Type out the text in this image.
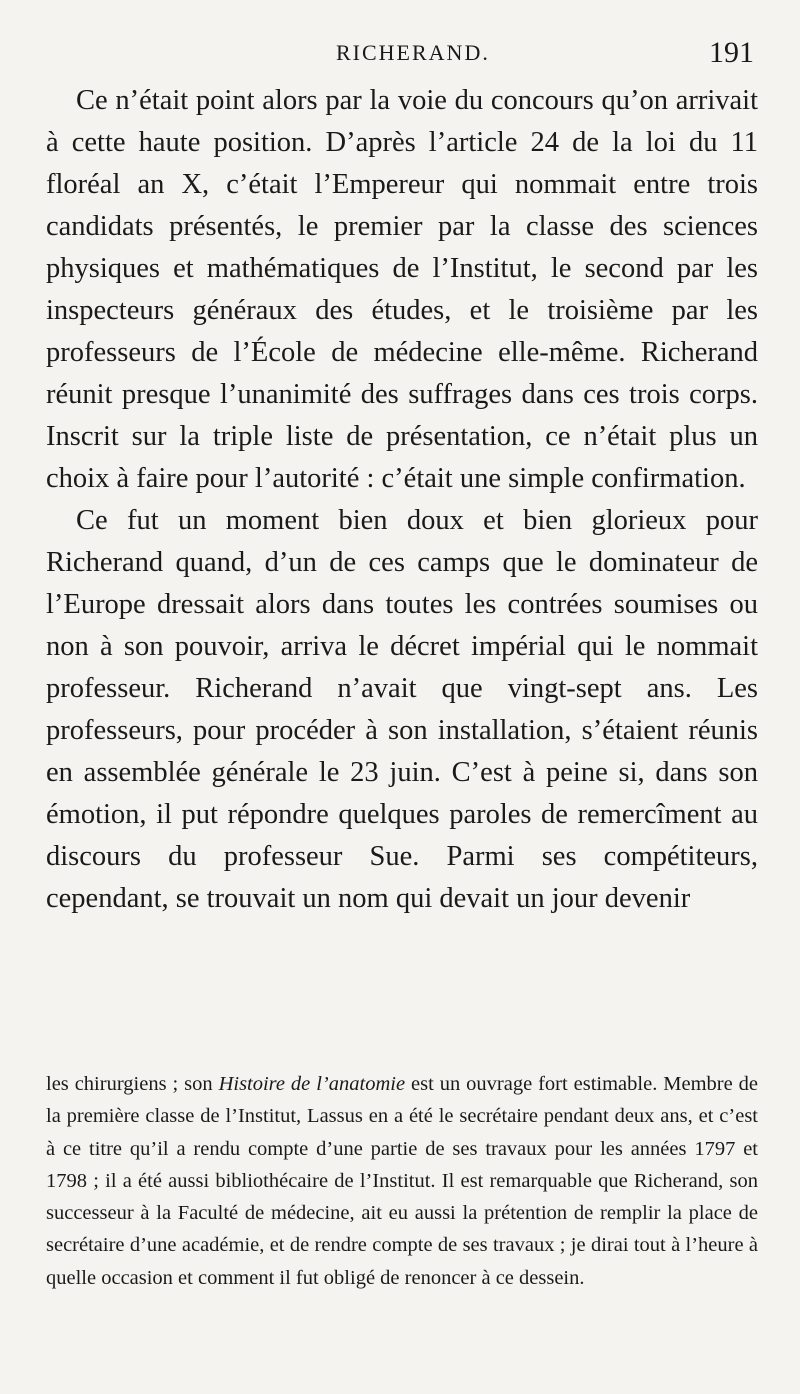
RICHERAND.	191

Ce n’était point alors par la voie du concours qu’on arrivait à cette haute position. D’après l’article 24 de la loi du 11 floréal an X, c’était l’Empereur qui nommait entre trois candidats présentés, le premier par la classe des sciences physiques et mathématiques de l’Institut, le second par les inspecteurs généraux des études, et le troisième par les professeurs de l’École de médecine elle-même. Richerand réunit presque l’unanimité des suffrages dans ces trois corps. Inscrit sur la triple liste de présentation, ce n’était plus un choix à faire pour l’autorité : c’était une simple confirmation.

Ce fut un moment bien doux et bien glorieux pour Richerand quand, d’un de ces camps que le dominateur de l’Europe dressait alors dans toutes les contrées soumises ou non à son pouvoir, arriva le décret impérial qui le nommait professeur. Richerand n’avait que vingt-sept ans. Les professeurs, pour procéder à son installation, s’étaient réunis en assemblée générale le 23 juin. C’est à peine si, dans son émotion, il put répondre quelques paroles de remercîment au discours du professeur Sue. Parmi ses compétiteurs, cependant, se trouvait un nom qui devait un jour devenir

les chirurgiens ; son Histoire de l’anatomie est un ouvrage fort estimable. Membre de la première classe de l’Institut, Lassus en a été le secrétaire pendant deux ans, et c’est à ce titre qu’il a rendu compte d’une partie de ses travaux pour les années 1797 et 1798 ; il a été aussi bibliothécaire de l’Institut. Il est remarquable que Richerand, son successeur à la Faculté de médecine, ait eu aussi la prétention de remplir la place de secrétaire d’une académie, et de rendre compte de ses travaux ; je dirai tout à l’heure à quelle occasion et comment il fut obligé de renoncer à ce dessein.
